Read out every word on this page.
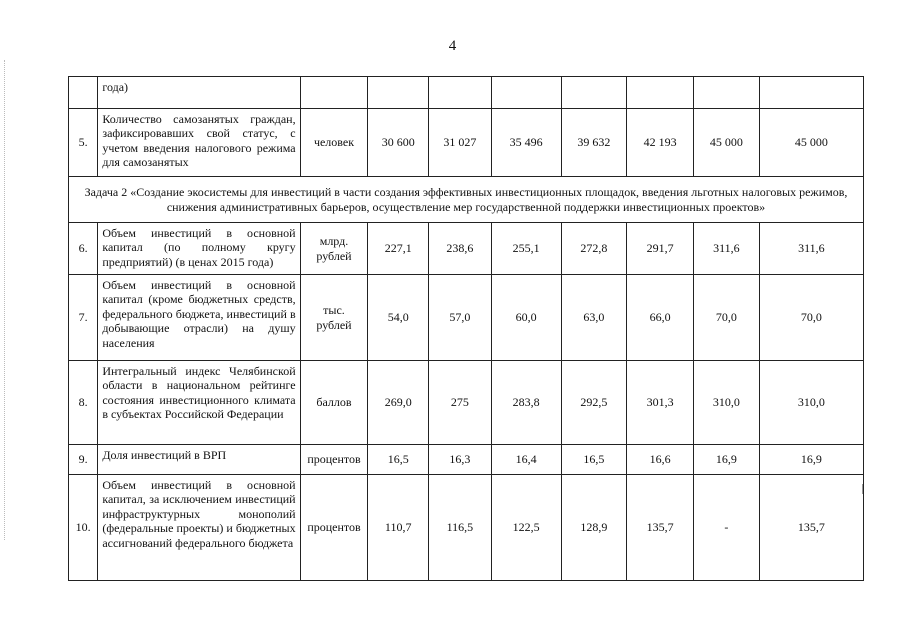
4
	года)								
5.	Количество самозанятых граждан, зафиксировавших свой статус, с учетом введения налогового режима для самозанятых	человек	30 600	31 027	35 496	39 632	42 193	45 000	45 000
Задача 2 «Создание экосистемы для инвестиций в части создания эффективных инвестиционных площадок, введения льготных налоговых режимов, снижения административных барьеров, осуществление мер государственной поддержки инвестиционных проектов»									
6.	Объем инвестиций в основной капитал (по полному кругу предприятий) (в ценах 2015 года)	млрд. рублей	227,1	238,6	255,1	272,8	291,7	311,6	311,6
7.	Объем инвестиций в основной капитал (кроме бюджетных средств, федерального бюджета, инвестиций в добывающие отрасли) на душу населения	тыс. рублей	54,0	57,0	60,0	63,0	66,0	70,0	70,0
8.	Интегральный индекс Челябинской области в национальном рейтинге состояния инвестиционного климата в субъектах Российской Федерации	баллов	269,0	275	283,8	292,5	301,3	310,0	310,0
9.	Доля инвестиций в ВРП	процентов	16,5	16,3	16,4	16,5	16,6	16,9	16,9
10.	Объем инвестиций в основной капитал, за исключением инвестиций инфраструктурных монополий (федеральные проекты) и бюджетных ассигнований федерального бюджета	процентов	110,7	116,5	122,5	128,9	135,7	-	135,7
